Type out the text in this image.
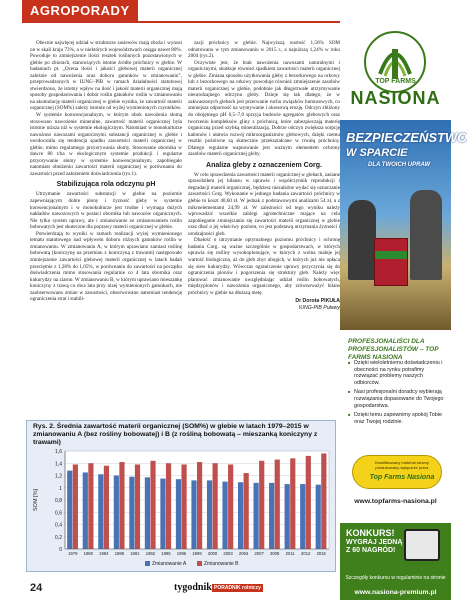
AGROPORADY

Obecnie najwięcej udział w strukturze zasiewów mają zboża i wynosi on w skali kraju 73%, a w niektórych województwach osiąga nawet 80%. Powoduje to zmniejszenie ilości resztek roślinnych pozostawionych w glebie po zbiorach, stanowiących istotne źródło próchnicy w glebie. W badaniach pt. „Ocena ilości i jakości glebowej materii organicznej zależnie od nawożenia oraz doboru gatunków w zmianowaniu”, przeprowadzonych w IUNG–PIB w ramach działalności statutowej stwierdzono, że istotny wpływ na ilość i jakość materii organicznej mają sposoby gospodarowania i dobór roślin gatunków roślin w zmianowaniu na akumulację materii organicznej w glebie wynika, że zawartość materii organicznej (SOM%) zależy istotnie od wyżej wymienionych czynników.

W systemie konwencjonalnym, w którym obok nawożenia słomą stosowano nawożenie mineralne, zawartość materii organicznej była istotnie niższa niż w systemie ekologicznym. Natomiast w monokulturze nawożono nawozami organicznymi substancji organicznej w glebie i uwidoczniła się tendencja spadku zawartości materii organicznej w glebie, mimo regularnego przyorywania słomy. Stosowanie obornika w dawce 80 t/ha w ekologicznym systemie produkcji i regularne przyorywanie słomy w systemie konwencjonalnym, zapobiegało natomiast obniżeniu zawartości materii organicznej w porównaniu do zawartości przed założeniem doświadczenia (rys.1).

Stabilizująca rola odczynu pH

Utrzymanie zawartości substancji w glebie na poziomie zapewniającym dobre plony i żyzność gleby w systemie konwencjonalnym i w monokulturze jest trudne i wymaga dużych nakładów nawozowych w postaci obornika lub nawozów organicznych. Nie tylko system uprawy, ale i zmianowanie ze zmianowaniem roślin bobowatych jest skuteczne dla poprawy materii organicznej w glebie.

Potwierdzają to wyniki w ramach realizacji wyżej wymienionego tematu statutowego nad wpływem doboru różnych gatunków roślin w zmianowaniu. W zmianowaniu A, w którym uprawiano zamiast roślinę bobowatą (koniczynę na przemian z koniczyną z trawami) następowało zmniejszenie zawartości glebowej materii organicznej w latach badań przeciętnie z 1,28% do 1,05%, w porównaniu do zawartości na początku doświadczenia mimo stosowania regularnie co 4 lata obornika oraz kukurydzy na ziarno. W zmianowaniu B, w którym uprawiano mieszankę koniczyny z trawą co dwa lata przy nizej wymienionych gatunkach, nie zaobserwowano zmian w zawartości, obserwowano natomiast tendencję ograniczenia strat i stabili-

zacji próchnicy w glebie. Najwyższą wartość 1,56% SOM odnotowano w tym zmianowaniu w 2015 r., a najniższą 1,24% w roku 2004 (rys.2).

Oczywiste jest, że brak nawożenia nawozami naturalnymi i organicznymi, skutkuje również spadkiem zawartości materii organicznej w glebie. Zmiana sposobu użytkowania gleby z bezorkowego na orkowy lub z bezorkowego na orkowy powoduje również zmniejszenie zasobów materii organicznej w glebie, podobnie jak długotrwałe utrzymywanie nieurodzajnego odczynu gleby. Dzieje się tak dlatego, że w zakwaszonych glebach jest przerwanie ruchu związków humusowych, co zmniejsza odporność na wymywanie i okresową erozję. Odczyn zbliżony do obojętnego pH 6,5–7,0 sprzyja budowie agregatów glebowych oraz tworzeniu kompleksów gliny z próchnicą, które zabezpieczają materię organiczną przed szybką mineralizacją. Dobrze odczyn zwiększa sorpcję kationów i ułatwia rozwój mikroorganizmów glebowych, dzięki czemu resztki pożniwne są skutecznie przekształcane w trwałą próchnicę. Dlatego regularne wapnowanie jest ważnym elementem ochrony zasobów materii organicznej gleby.

Analiza gleby z oznaczeniem Corg.

W celu sprawdzenia zawartości materii organicznej w glebach, zasiane sprawdziłem jej bilansu w uprawie i współczynnik reprodukcji i degradacji materii organicznej, będziesz niezależne wydać się oznaczanie zawartości Corg. Wykonanie w jednego badania zawartości próchnicy w glebie to koszt 40,60 zł. W jednak z podstawowymi analizami 54 zł, a z mikroelementami 24,99 zł. W zależności od tego wyniku należy wprowadzić wszelkie zabiegi agrotechniczne mające na celu zapobieganie zmniejszaniu się zawartości materii organicznej w glebie oraz dbać o jej właściwy poziom, co jest podstawą utrzymania żyzności i urodzajności gleb.

Dbałość o utrzymanie optymalnego poziomu próchnicy i ochronę badania Corg. są ważne szczególnie w gospodarstwach, w których uprawia się rośliny wysokoplonujące, w których z wolna maleje jej wartość biologiczna, aż do gleb zbyt ubogich, w których już nie opłaca się siew kukurydzy. Wówczas ograniczenie uprawy przyczynia się do ograniczenia plonów i pogorszenia się struktury gleb. Należy więc planować zmianowanie uwzględniając udział roślin bobowatych, międzyplonów i nawożenia organicznego, aby zrównoważyć bilans próchnicy w glebie na dłuższą metę.

Dr Dorota PIKUŁA
IUNG-PIB Puławy
0
0,2
0,4
0,6
0,8
1
1,2
1,4
1,6
SOM [%]
1979 1980 1984 1988 1991 1992 1995 1996 1999 2000 2003 2004 2007 2008 2011 2012 2015
Zmianowanie A	Zmianowanie B
Rys. 2. Średnia zawartość materii organicznej (SOM%) w glebie w latach 1979–2015 w zmianowaniu A (bez rośliny bobowatej) i B (z rośliną bobowatą – mieszanką koniczyny z trawami)
24	tygodnik PORADNIK rolniczy
TOP FARMS
NASIONA
BEZPIECZEŃSTWO
W SPARCIE
DLA TWOICH UPRAW
PROFESJONALIŚCI DLA PROFESJONALISTÓW – TOP FARMS NASIONA
■ Dzięki wieloletniemu doświadczeniu i obecności na rynku potrafimy rozwiązać problemy naszych odbiorców.
■ Nasi profesjonalni doradcy wybierają rozwiązania dopasowane do Twojego gospodarstwa.
■ Dzięki temu zapewnimy spokój Tobie oraz Twojej rodzinie.
Kwalifikowany materiał siewny produkowany wyłącznie przez
Top Farms Nasiona
www.topfarms-nasiona.pl
KONKURS!
WYGRAJ JEDNĄ Z 60 NAGRÓD!
Szczegóły konkursu w regulaminie na stronie
www.nasiona-premium.pl
